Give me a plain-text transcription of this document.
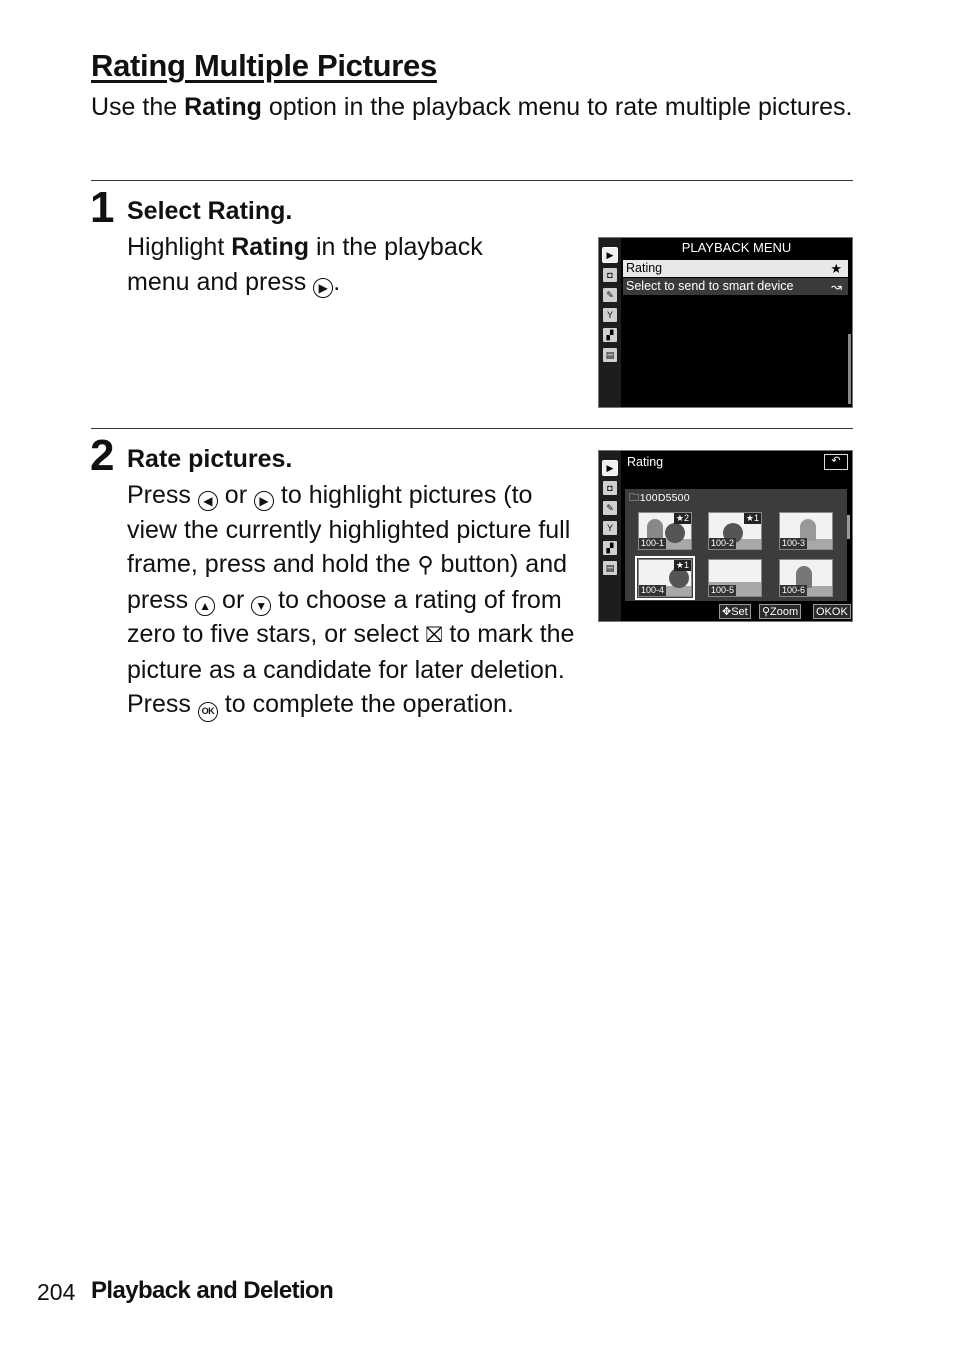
Rating Multiple Pictures
Use the Rating option in the playback menu to rate multiple pictures.
1 Select Rating.
Highlight Rating in the playback menu and press ▶ .
▶
◘
✎
Y
▞
▤
PLAYBACK MENU
Rating	★
Select to send to smart device	↝
2 Rate pictures.
Press ◀ or ▶ to highlight pictures (to view the currently highlighted picture full frame, press and hold the ⚲ button) and press ▲ or ▼ to choose a rating of from zero to five stars, or select ⛝ to mark the picture as a candidate for later deletion. Press OK to complete the operation.
▶
◘
✎
Y
▞
▤
Rating	↶
🗀100D5500
★2
100-1
★1
100-2	100-3
★1
100-4	100-5	100-6
✥Set ⚲Zoom OKOK
204 Playback and Deletion
